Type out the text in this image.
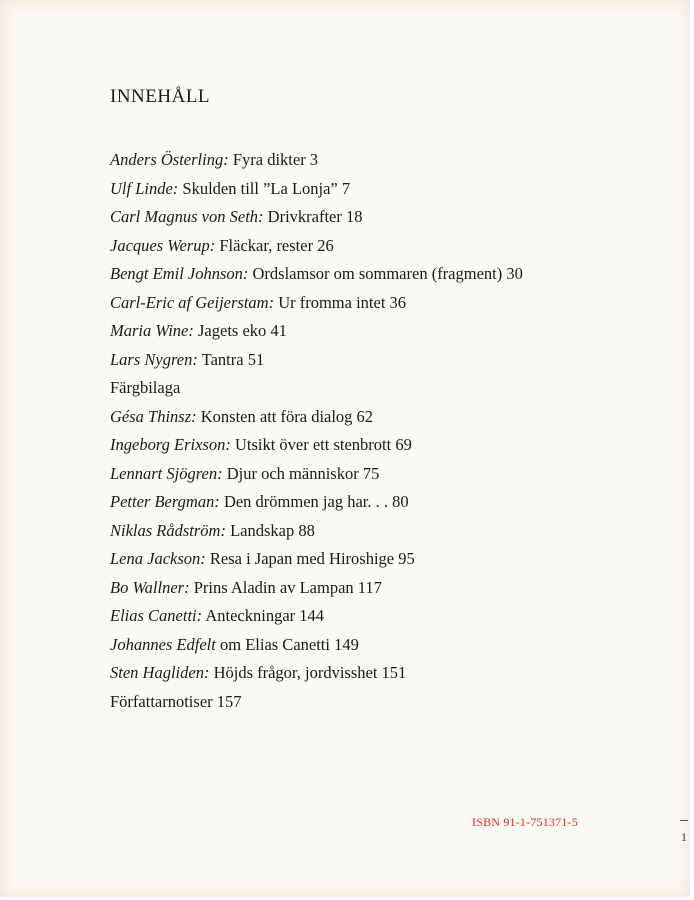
INNEHÅLL
Anders Österling: Fyra dikter 3
Ulf Linde: Skulden till ”La Lonja” 7
Carl Magnus von Seth: Drivkrafter 18
Jacques Werup: Fläckar, rester 26
Bengt Emil Johnson: Ordslamsor om sommaren (fragment) 30
Carl-Eric af Geijerstam: Ur fromma intet 36
Maria Wine: Jagets eko 41
Lars Nygren: Tantra 51
Färgbilaga
Gésa Thinsz: Konsten att föra dialog 62
Ingeborg Erixson: Utsikt över ett stenbrott 69
Lennart Sjögren: Djur och människor 75
Petter Bergman: Den drömmen jag har. . . 80
Niklas Rådström: Landskap 88
Lena Jackson: Resa i Japan med Hiroshige 95
Bo Wallner: Prins Aladin av Lampan 117
Elias Canetti: Anteckningar 144
Johannes Edfelt om Elias Canetti 149
Sten Hagliden: Höjds frågor, jordvisshet 151
Författarnotiser 157
ISBN 91-1-751371-5
1
